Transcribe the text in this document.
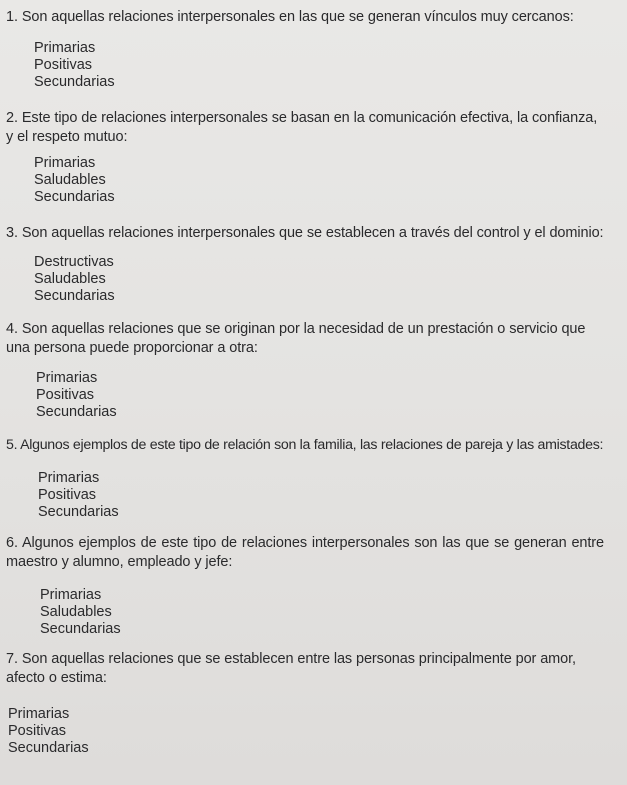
1. Son aquellas relaciones interpersonales en las que se generan vínculos muy cercanos:
Primarias
Positivas
Secundarias
2. Este tipo de relaciones interpersonales se basan en la comunicación efectiva, la confianza, y el respeto mutuo:
Primarias
Saludables
Secundarias
3. Son aquellas relaciones interpersonales que se establecen a través del control y el dominio:
Destructivas
Saludables
Secundarias
4. Son aquellas relaciones que se originan por la necesidad de un prestación o servicio que una persona puede proporcionar a otra:
Primarias
Positivas
Secundarias
5. Algunos ejemplos de este tipo de relación son la familia, las relaciones de pareja y las amistades:
Primarias
Positivas
Secundarias
6. Algunos ejemplos de este tipo de relaciones interpersonales son las que se generan entre maestro y alumno, empleado y jefe:
Primarias
Saludables
Secundarias
7. Son aquellas relaciones que se establecen entre las personas principalmente por amor, afecto o estima:
Primarias
Positivas
Secundarias
